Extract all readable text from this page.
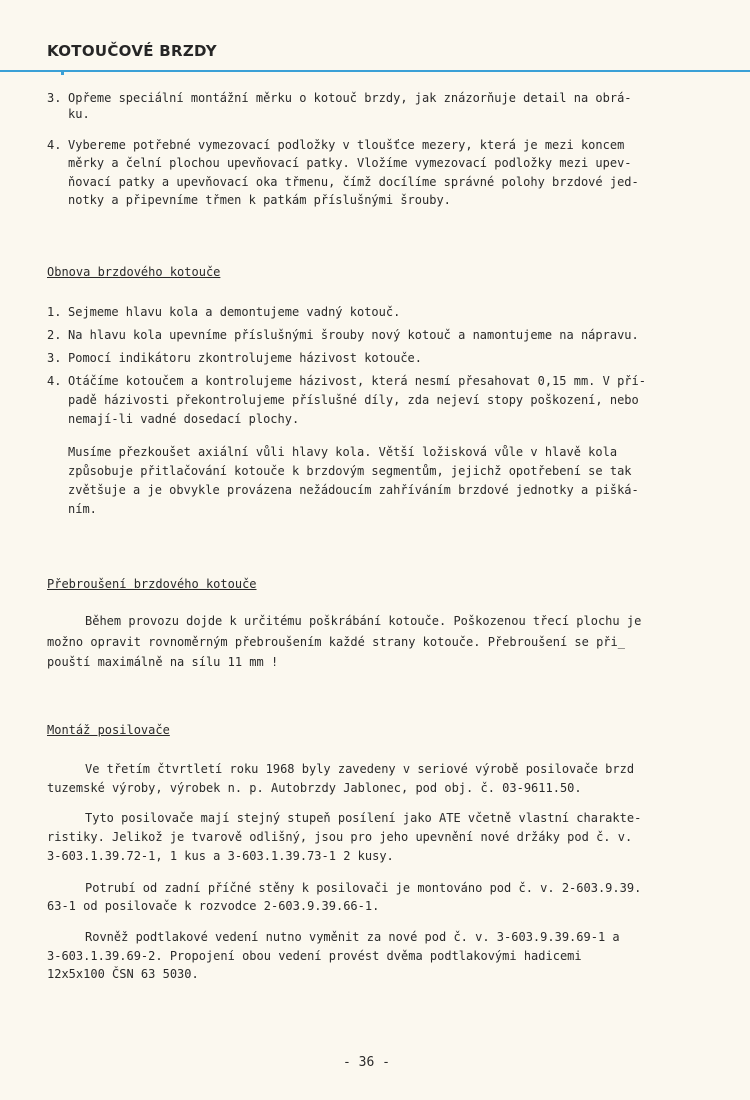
KOTOUČOVÉ BRZDY
3. Opřeme speciální montážní měrku o kotouč brzdy, jak znázorňuje detail na obrá-
ku.
4. Vybereme potřebné vymezovací podložky v tloušťce mezery, která je mezi koncem
měrky a čelní plochou upevňovací patky. Vložíme vymezovací podložky mezi upev-
ňovací patky a upevňovací oka třmenu, čímž docílíme správné polohy brzdové jed-
notky a připevníme třmen k patkám příslušnými šrouby.
Obnova brzdového kotouče
1. Sejmeme hlavu kola a demontujeme vadný kotouč.
2. Na hlavu kola upevníme příslušnými šrouby nový kotouč a namontujeme na nápravu.
3. Pomocí indikátoru zkontrolujeme házivost kotouče.
4. Otáčíme kotoučem a kontrolujeme házivost, která nesmí přesahovat 0,15 mm. V pří-
padě házivosti překontrolujeme příslušné díly, zda nejeví stopy poškození, nebo
nemají-li vadné dosedací plochy.
Musíme přezkoušet axiální vůli hlavy kola. Větší ložisková vůle v hlavě kola
způsobuje přitlačování kotouče k brzdovým segmentům, jejichž opotřebení se tak
zvětšuje a je obvykle provázena nežádoucím zahříváním brzdové jednotky a pišká-
ním.
Přebroušení brzdového kotouče
Během provozu dojde k určitému poškrábání kotouče. Poškozenou třecí plochu je
možno opravit rovnoměrným přebroušením každé strany kotouče. Přebroušení se při_
pouští maximálně na sílu 11 mm !
Montáž posilovače
Ve třetím čtvrtletí roku 1968 byly zavedeny v seriové výrobě posilovače brzd
tuzemské výroby, výrobek n. p. Autobrzdy Jablonec, pod obj. č. 03-9611.50.
Tyto posilovače mají stejný stupeň posílení jako ATE včetně vlastní charakte-
ristiky. Jelikož je tvarově odlišný, jsou pro jeho upevnění nové držáky pod č. v.
3-603.1.39.72-1, 1 kus a 3-603.1.39.73-1 2 kusy.
Potrubí od zadní příčné stěny k posilovači je montováno pod č. v. 2-603.9.39.
63-1 od posilovače k rozvodce 2-603.9.39.66-1.
Rovněž podtlakové vedení nutno vyměnit za nové pod č. v. 3-603.9.39.69-1 a
3-603.1.39.69-2. Propojení obou vedení provést dvěma podtlakovými hadicemi
12x5x100 ČSN 63 5030.
- 36 -
